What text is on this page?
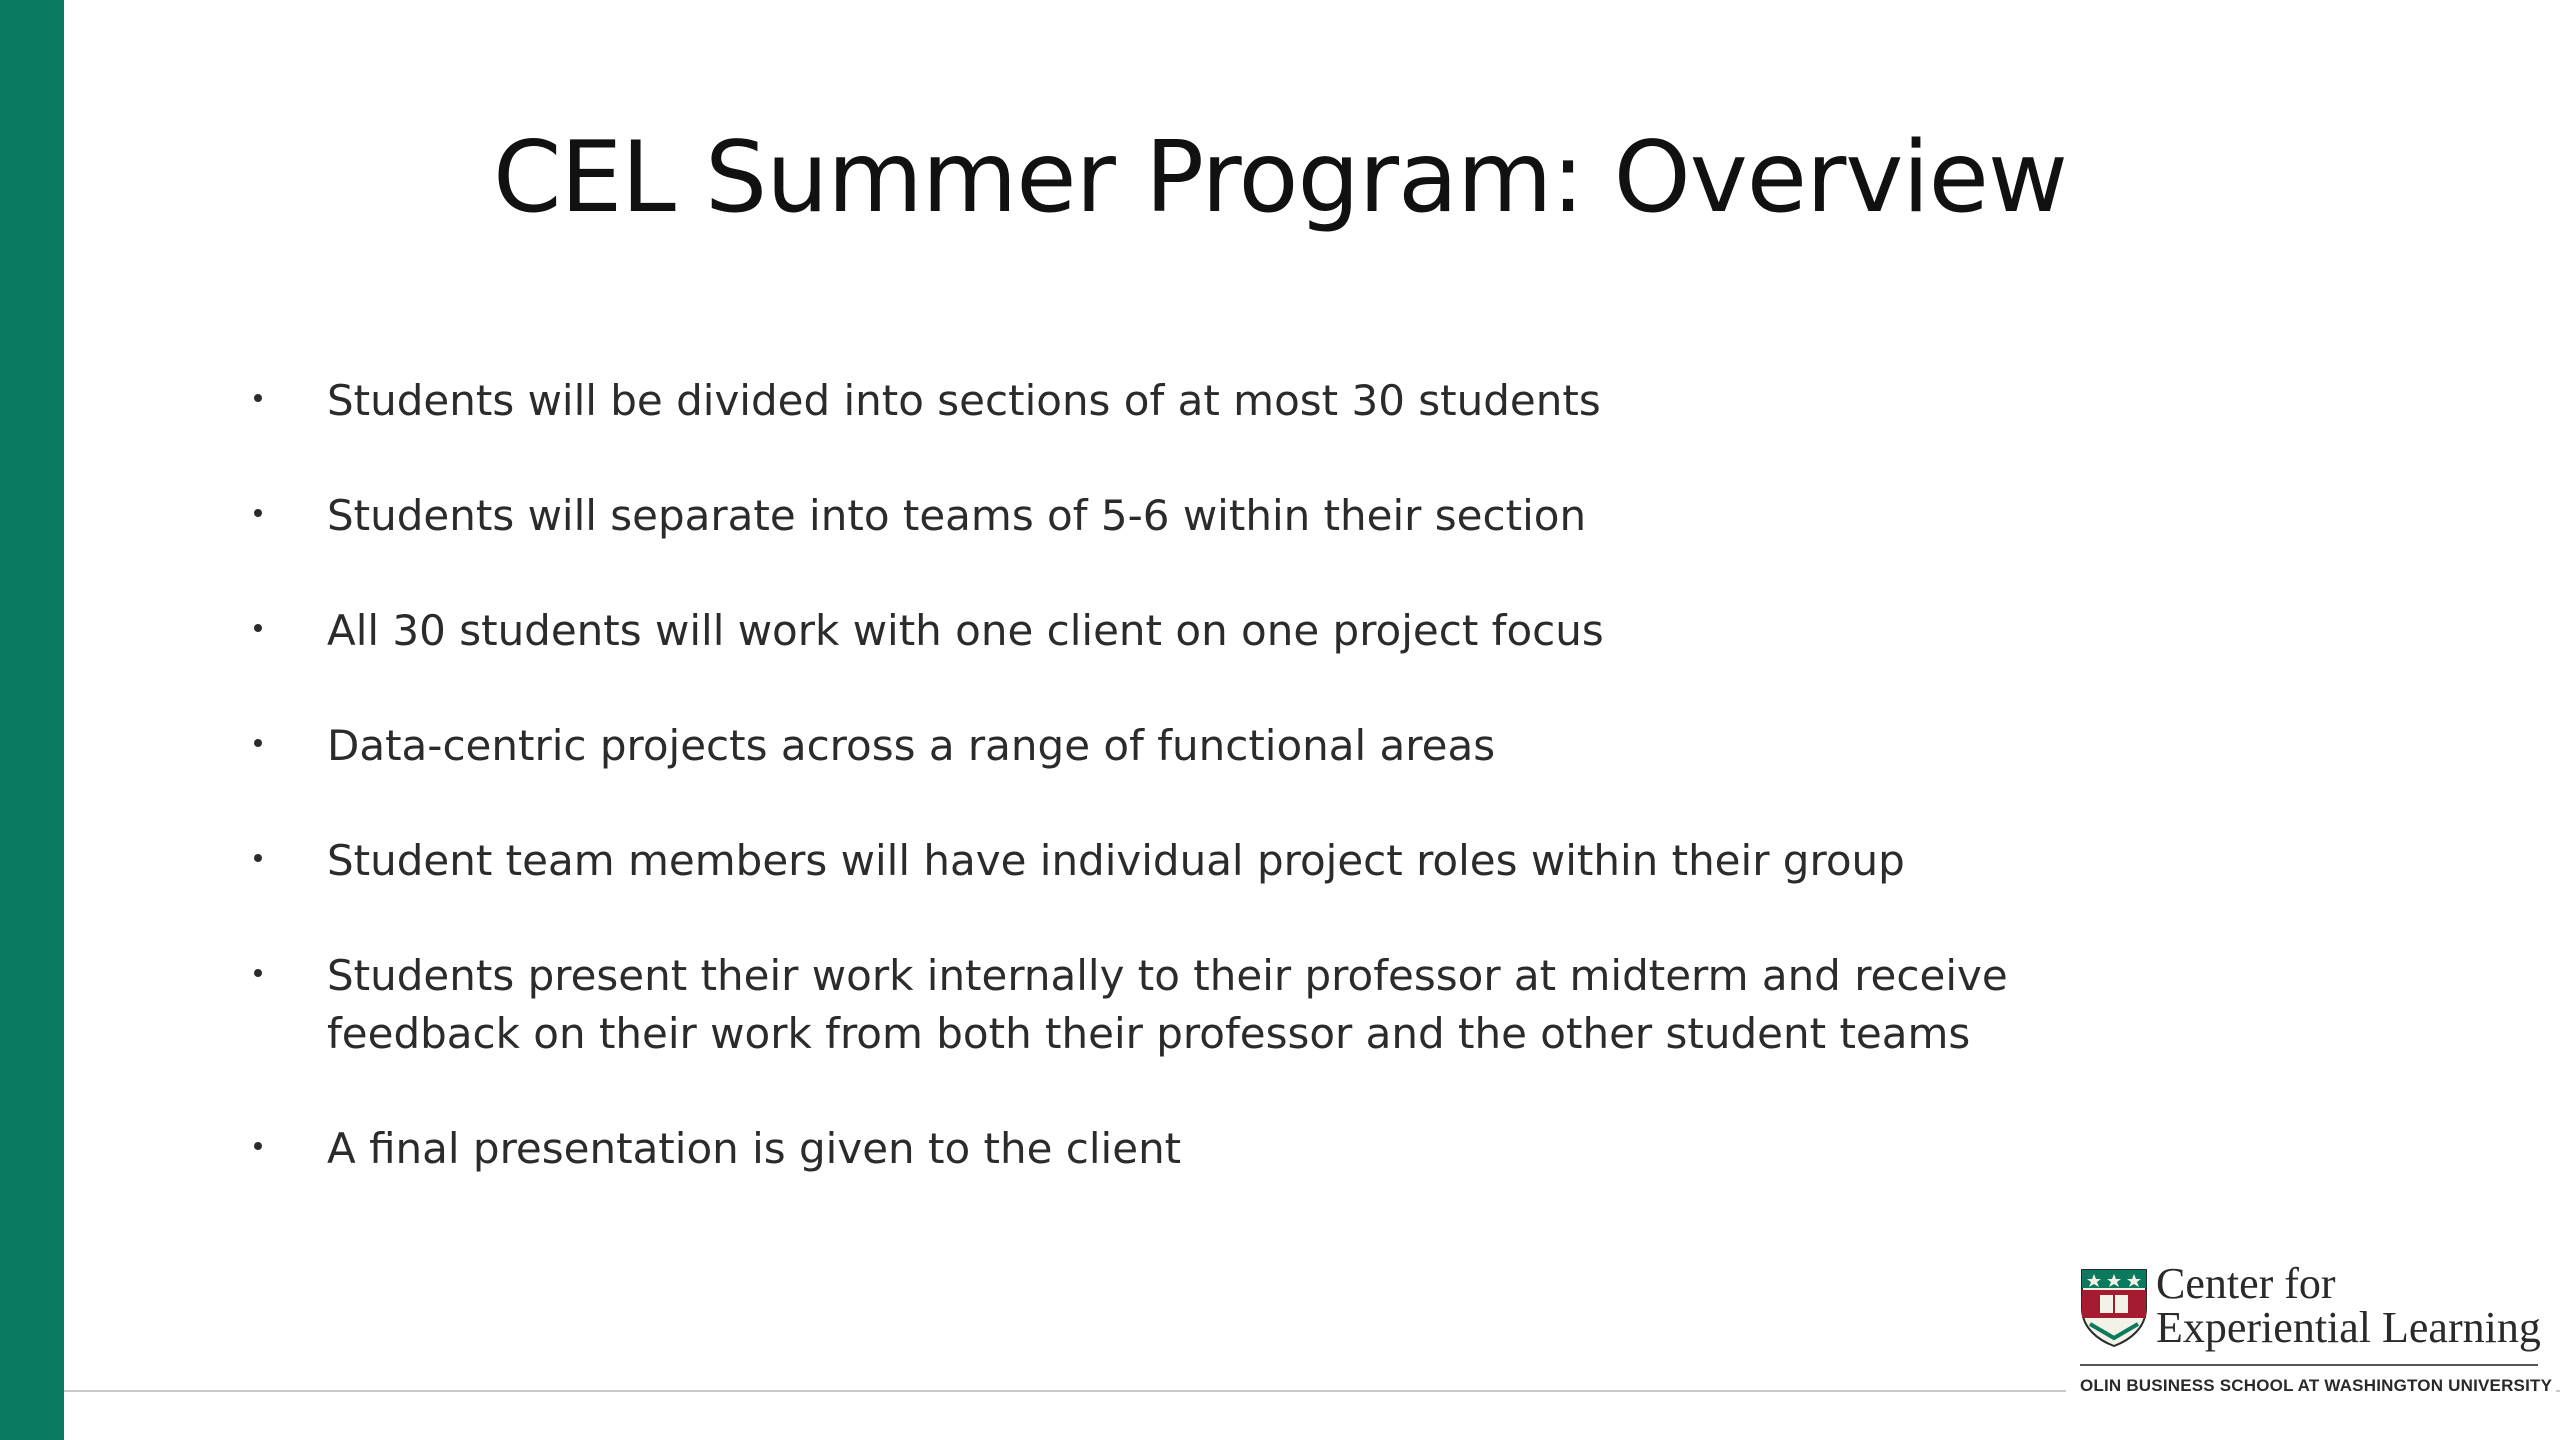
CEL Summer Program: Overview
Students will be divided into sections of at most 30 students
Students will separate into teams of 5-6 within their section
All 30 students will work with one client on one project focus
Data-centric projects across a range of functional areas
Student team members will have individual project roles within their group
Students present their work internally to their professor at midterm and receive feedback on their work from both their professor and the other student teams
A final presentation is given to the client
Center for
Experiential Learning
OLIN BUSINESS SCHOOL AT WASHINGTON UNIVERSITY
